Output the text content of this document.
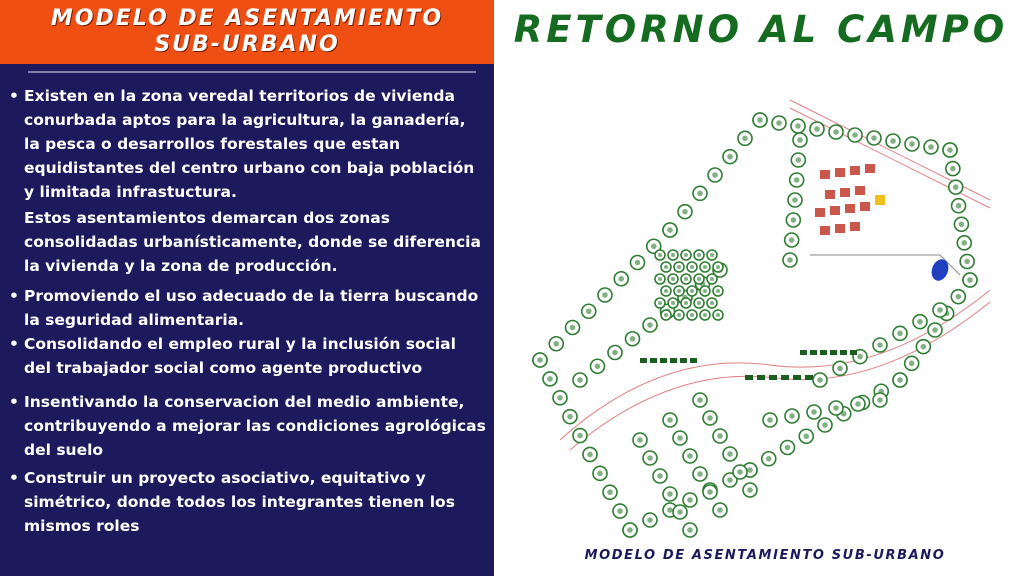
MODELO DE ASENTAMIENTO
SUB-URBANO
• Existen en la zona veredal territorios de vivienda conurbada aptos para la agricultura, la ganadería, la pesca o desarrollos forestales que estan equidistantes del centro urbano con baja población y limitada infrastuctura.
Estos asentamientos demarcan dos zonas consolidadas urbanísticamente, donde se diferencia la vivienda y la zona de producción.
• Promoviendo el uso adecuado de la tierra buscando la seguridad alimentaria.
• Consolidando el empleo rural y la inclusión social del trabajador social como agente productivo
• Insentivando la conservacion del medio ambiente, contribuyendo a mejorar las condiciones agrológicas del suelo
• Construir un proyecto asociativo, equitativo y simétrico, donde todos los integrantes tienen los mismos roles
RETORNO AL CAMPO
MODELO DE ASENTAMIENTO SUB-URBANO
